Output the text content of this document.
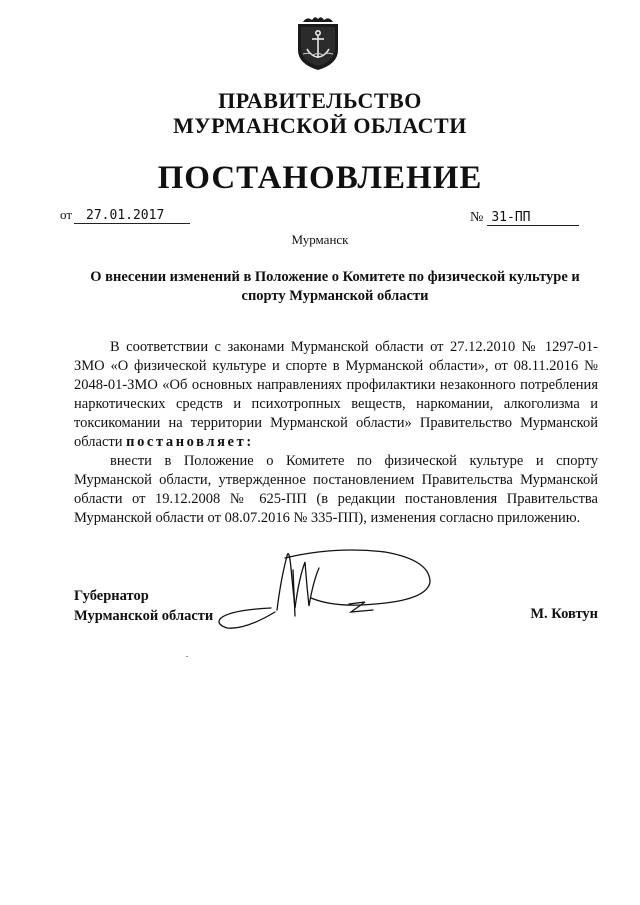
ПРАВИТЕЛЬСТВО
МУРМАНСКОЙ ОБЛАСТИ
ПОСТАНОВЛЕНИЕ
от	27.01.2017	№ 31-ПП
Мурманск
О внесении изменений в Положение о Комитете по физической культуре и спорту Мурманской области

В соответствии с законами Мурманской области от 27.12.2010 № 1297-01-ЗМО «О физической культуре и спорте в Мурманской области», от 08.11.2016 № 2048-01-ЗМО «Об основных направлениях профилактики незаконного потребления наркотических средств и психотропных веществ, наркомании, алкоголизма и токсикомании на территории Мурманской области» Правительство Мурманской области постановляет:

внести в Положение о Комитете по физической культуре и спорту Мурманской области, утвержденное постановлением Правительства Мурманской области от 19.12.2008 № 625-ПП (в редакции постановления Правительства Мурманской области от 08.07.2016 № 335-ПП), изменения согласно приложению.

Губернатор
Мурманской области	М. Ковтун
